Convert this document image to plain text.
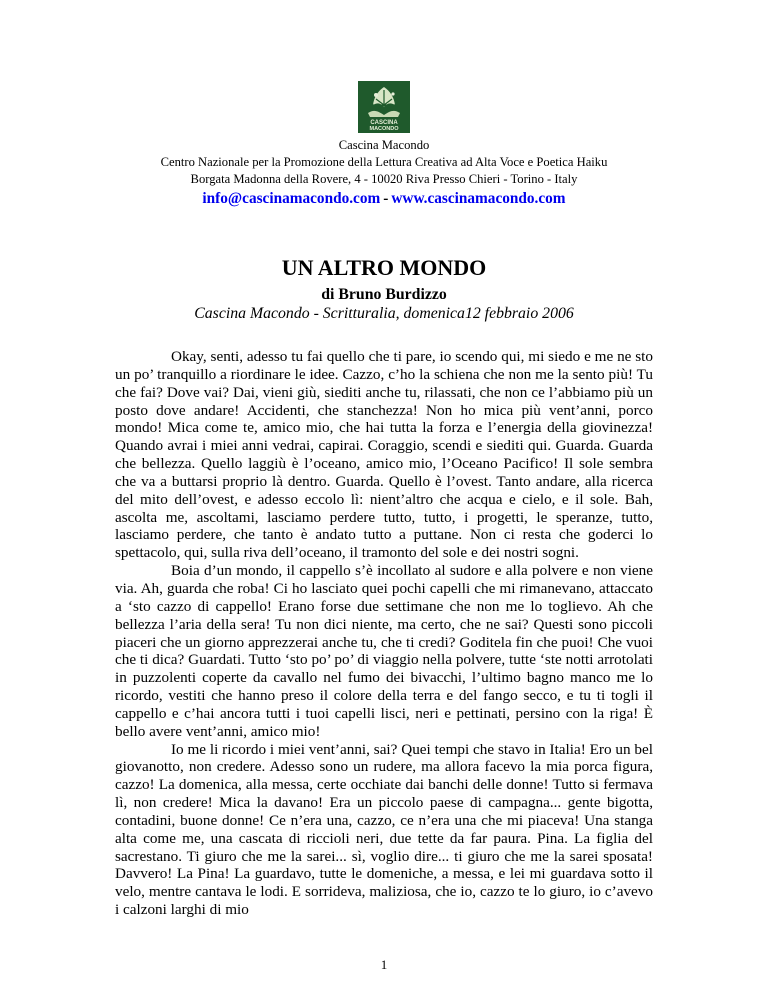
CASCINA
MACONDO
Cascina Macondo
Centro Nazionale per la Promozione della Lettura Creativa ad Alta Voce e Poetica Haiku
Borgata Madonna della Rovere, 4 - 10020 Riva Presso Chieri - Torino - Italy
info@cascinamacondo.com - www.cascinamacondo.com
UN ALTRO MONDO
di Bruno Burdizzo
Cascina Macondo - Scritturalia, domenica12 febbraio 2006

Okay, senti, adesso tu fai quello che ti pare, io scendo qui, mi siedo e me ne sto un po’ tranquillo a riordinare le idee. Cazzo, c’ho la schiena che non me la sento più! Tu che fai? Dove vai? Dai, vieni giù, siediti anche tu, rilassati, che non ce l’abbiamo più un posto dove andare! Accidenti, che stanchezza! Non ho mica più vent’anni, porco mondo! Mica come te, amico mio, che hai tutta la forza e l’energia della giovinezza! Quando avrai i miei anni vedrai, capirai. Coraggio, scendi e siediti qui. Guarda. Guarda che bellezza. Quello laggiù è l’oceano, amico mio, l’Oceano Pacifico! Il sole sembra che va a buttarsi proprio là dentro. Guarda. Quello è l’ovest. Tanto andare, alla ricerca del mito dell’ovest, e adesso eccolo lì: nient’altro che acqua e cielo, e il sole. Bah, ascolta me, ascoltami, lasciamo perdere tutto, tutto, i progetti, le speranze, tutto, lasciamo perdere, che tanto è andato tutto a puttane. Non ci resta che goderci lo spettacolo, qui, sulla riva dell’oceano, il tramonto del sole e dei nostri sogni.

Boia d’un mondo, il cappello s’è incollato al sudore e alla polvere e non viene via. Ah, guarda che roba! Ci ho lasciato quei pochi capelli che mi rimanevano, attaccato a ‘sto cazzo di cappello! Erano forse due settimane che non me lo toglievo. Ah che bellezza l’aria della sera! Tu non dici niente, ma certo, che ne sai? Questi sono piccoli piaceri che un giorno apprezzerai anche tu, che ti credi? Goditela fin che puoi! Che vuoi che ti dica? Guardati. Tutto ‘sto po’ po’ di viaggio nella polvere, tutte ‘ste notti arrotolati in puzzolenti coperte da cavallo nel fumo dei bivacchi, l’ultimo bagno manco me lo ricordo, vestiti che hanno preso il colore della terra e del fango secco, e tu ti togli il cappello e c’hai ancora tutti i tuoi capelli lisci, neri e pettinati, persino con la riga! È bello avere vent’anni, amico mio!

Io me li ricordo i miei vent’anni, sai? Quei tempi che stavo in Italia! Ero un bel giovanotto, non credere. Adesso sono un rudere, ma allora facevo la mia porca figura, cazzo! La domenica, alla messa, certe occhiate dai banchi delle donne! Tutto si fermava lì, non credere! Mica la davano! Era un piccolo paese di campagna... gente bigotta, contadini, buone donne! Ce n’era una, cazzo, ce n’era una che mi piaceva! Una stanga alta come me, una cascata di riccioli neri, due tette da far paura. Pina. La figlia del sacrestano. Ti giuro che me la sarei... sì, voglio dire... ti giuro che me la sarei sposata! Davvero! La Pina! La guardavo, tutte le domeniche, a messa, e lei mi guardava sotto il velo, mentre cantava le lodi. E sorrideva, maliziosa, che io, cazzo te lo giuro, io c’avevo i calzoni larghi di mio

1
